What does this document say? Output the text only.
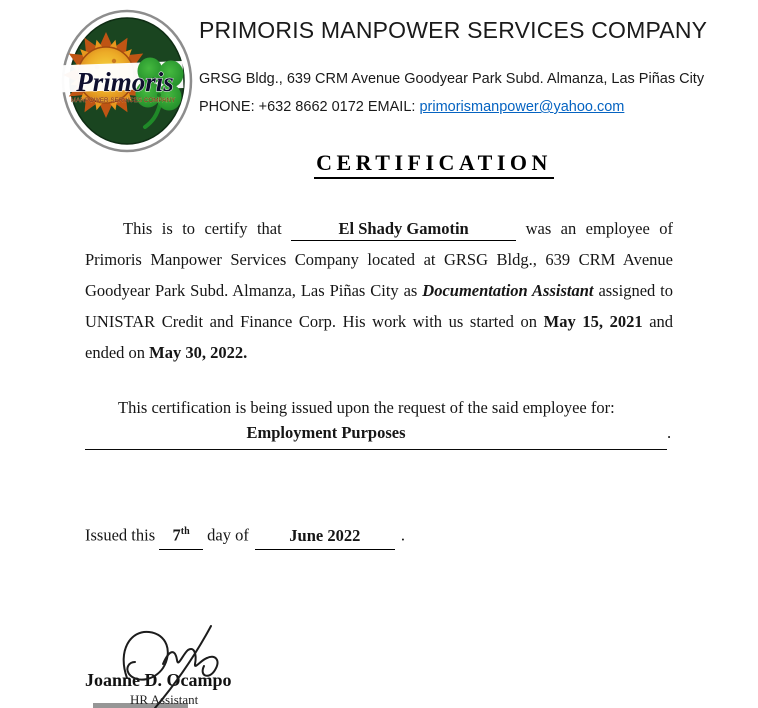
Primoris
MANPOWER SERVICES COMPANY
PRIMORIS MANPOWER SERVICES COMPANY
GRSG Bldg., 639 CRM Avenue Goodyear Park Subd. Almanza, Las Piñas City
PHONE: +632 8662 0172 EMAIL: primorismanpower@yahoo.com
CERTIFICATION
This is to certify that	El Shady Gamotin	was an employee of Primoris Manpower Services Company located at GRSG Bldg., 639 CRM Avenue Goodyear Park Subd. Almanza, Las Piñas City as Documentation Assistant assigned to UNISTAR Credit and Finance Corp. His work with us started on May 15, 2021 and ended on May 30, 2022.
This certification is being issued upon the request of the said employee for:
Employment Purposes	.
Issued this 7th day of June 2022 .
Joanne D. Ocampo
HR Assistant
